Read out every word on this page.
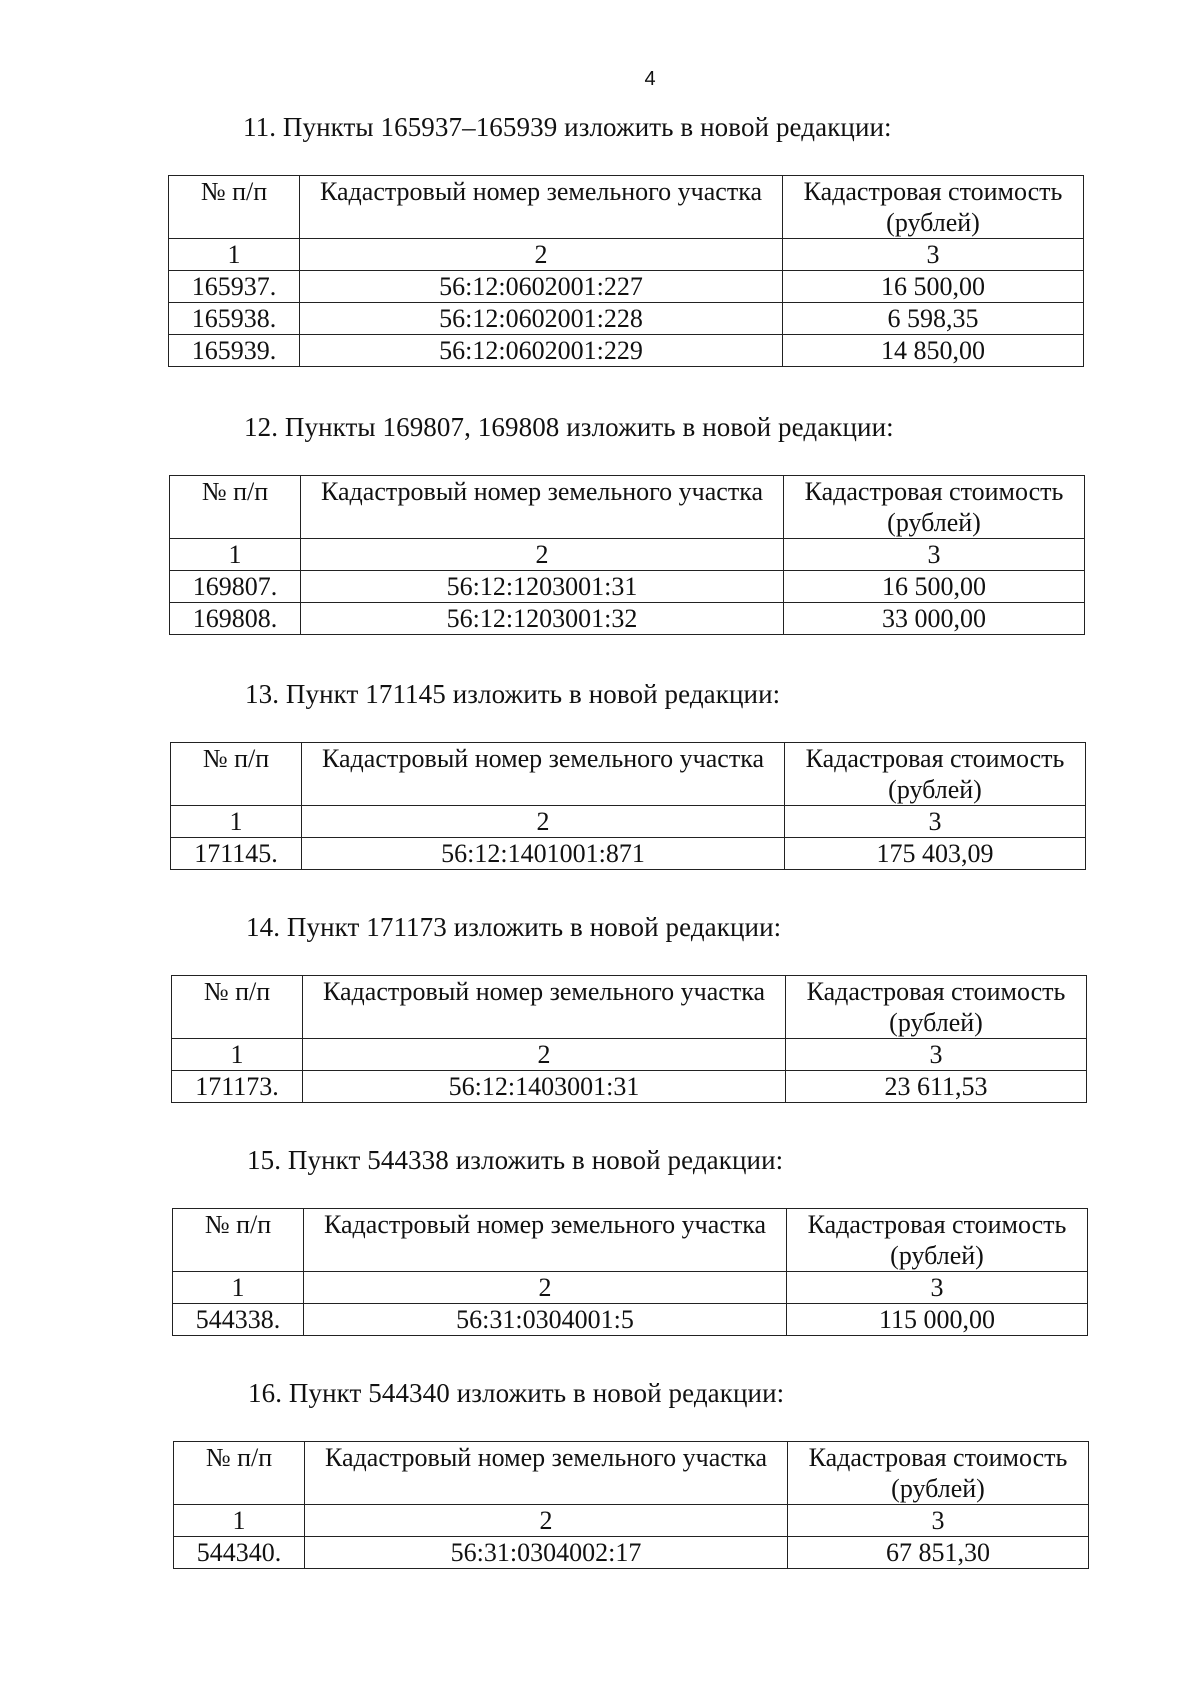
4
11. Пункты 165937–165939 изложить в новой редакции:
№ п/п	Кадастровый номер земельного участка	Кадастровая стоимость
(рублей)
1	2	3
165937.	56:12:0602001:227	16 500,00
165938.	56:12:0602001:228	6 598,35
165939.	56:12:0602001:229	14 850,00
12. Пункты 169807, 169808 изложить в новой редакции:
№ п/п	Кадастровый номер земельного участка	Кадастровая стоимость
(рублей)
1	2	3
169807.	56:12:1203001:31	16 500,00
169808.	56:12:1203001:32	33 000,00
13. Пункт 171145 изложить в новой редакции:
№ п/п	Кадастровый номер земельного участка	Кадастровая стоимость
(рублей)
1	2	3
171145.	56:12:1401001:871	175 403,09
14. Пункт 171173 изложить в новой редакции:
№ п/п	Кадастровый номер земельного участка	Кадастровая стоимость
(рублей)
1	2	3
171173.	56:12:1403001:31	23 611,53
15. Пункт 544338 изложить в новой редакции:
№ п/п	Кадастровый номер земельного участка	Кадастровая стоимость
(рублей)
1	2	3
544338.	56:31:0304001:5	115 000,00
16. Пункт 544340 изложить в новой редакции:
№ п/п	Кадастровый номер земельного участка	Кадастровая стоимость
(рублей)
1	2	3
544340.	56:31:0304002:17	67 851,30
